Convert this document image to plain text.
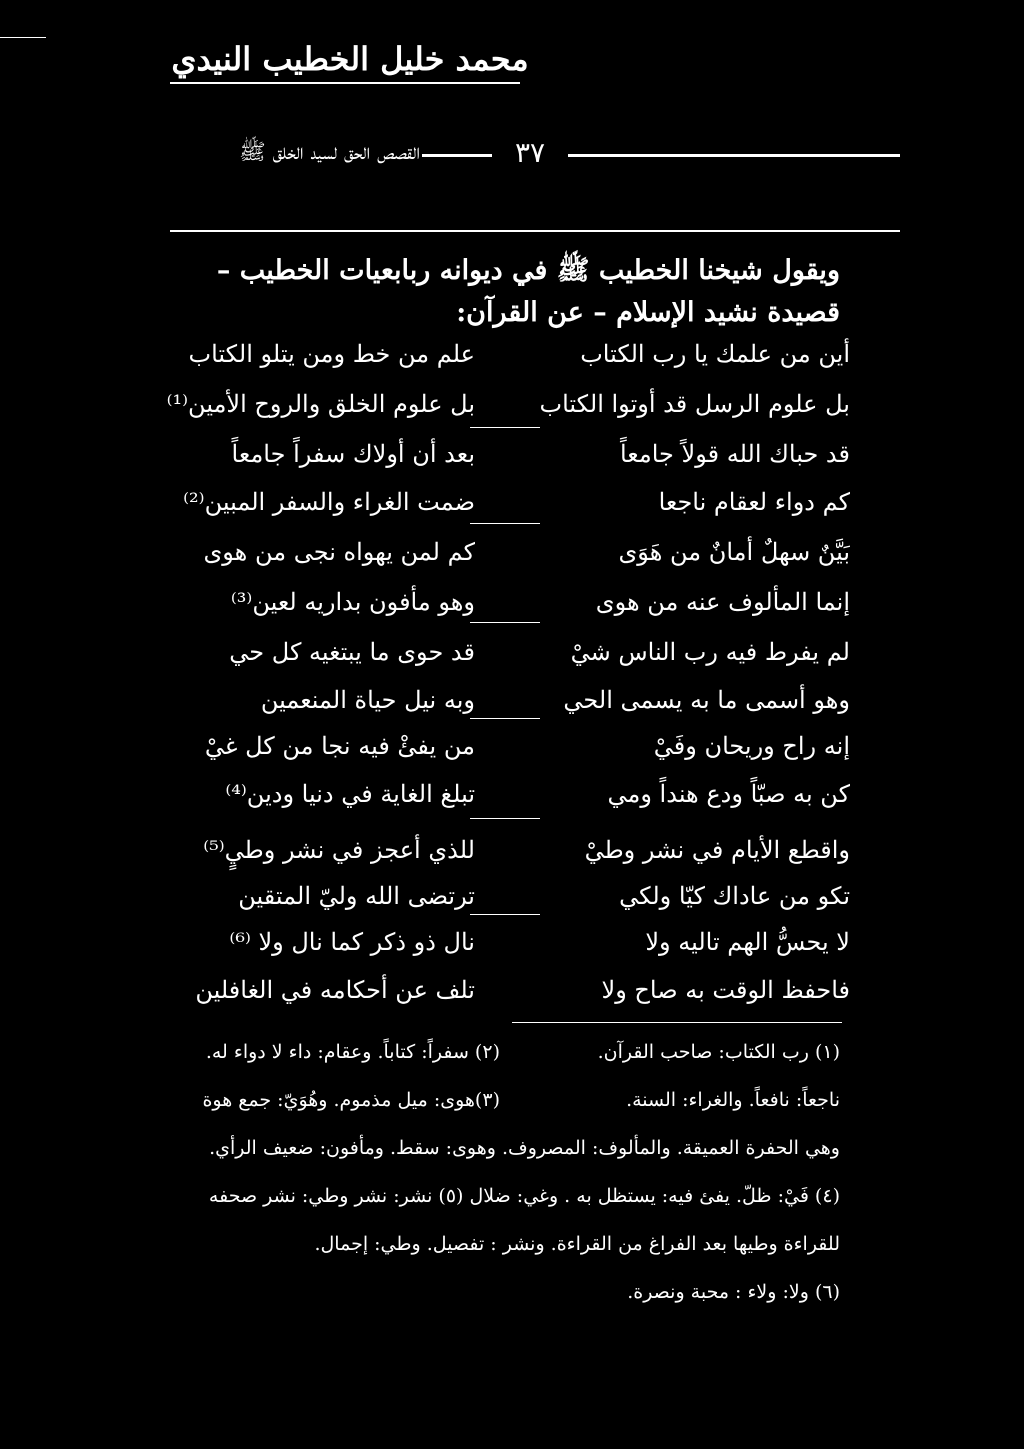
محمد خليل الخطيب النيدي
٣٧
القصص الحق لسيد الخلق ﷺ
ويقول شيخنا الخطيب ﷺ في ديوانه ربابعيات الخطيب –
قصيدة نشيد الإسلام – عن القرآن:
أين من علمك يا رب الكتاب
علم من خط ومن يتلو الكتاب
بل علوم الرسل قد أوتوا الكتاب
بل علوم الخلق والروح الأمين⁽¹⁾
قد حباك الله قولاً جامعاً
بعد أن أولاك سفراً جامعاً
كم دواء لعقام ناجعا
ضمت الغراء والسفر المبين⁽²⁾
بَيَّنٌ سهلٌ أمانٌ من هَوَى
كم لمن يهواه نجى من هوى
إنما المألوف عنه من هوى
وهو مأفون بداريه لعين⁽³⁾
لم يفرط فيه رب الناس شيْ
قد حوى ما يبتغيه كل حي
وهو أسمى ما به يسمى الحي
وبه نيل حياة المنعمين
إنه راح وريحان وفَيْ
من يفئْ فيه نجا من كل غيْ
كن به صبّاً ودع هنداً ومي
تبلغ الغاية في دنيا ودين⁽⁴⁾
واقطع الأيام في نشر وطيْ
للذي أعجز في نشر وطيٍ⁽⁵⁾
تكو من عاداك كيّا ولكي
ترتضى الله وليّ المتقين
لا يحسُّ الهم تاليه ولا
نال ذو ذكر كما نال ولا ⁽⁶⁾
فاحفظ الوقت به صاح ولا
تلف عن أحكامه في الغافلين
(١) رب الكتاب: صاحب القرآن.
(٢) سفراً: كتاباً. وعقام: داء لا دواء له.
ناجعاً: نافعاً. والغراء: السنة.
(٣)هوى: ميل مذموم. وهُوَيّ: جمع هوة
وهي الحفرة العميقة. والمألوف: المصروف. وهوى: سقط. ومأفون: ضعيف الرأي.
(٤) فَيْ: ظلّ. يفئ فيه: يستظل به . وغي: ضلال (٥) نشر: نشر وطي: نشر صحفه
للقراءة وطيها بعد الفراغ من القراءة. ونشر : تفصيل. وطي: إجمال.
(٦) ولا: ولاء : محبة ونصرة.
